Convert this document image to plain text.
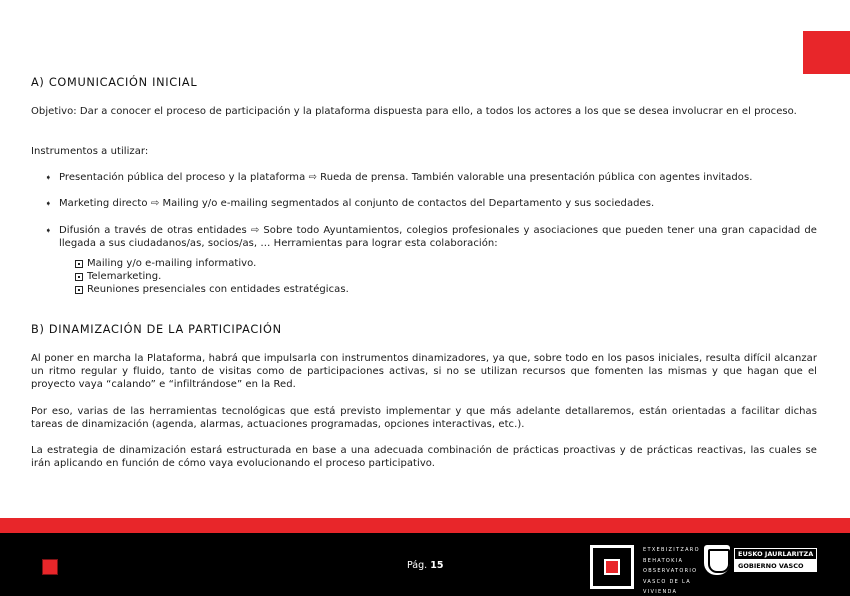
A) COMUNICACIÓN INICIAL
Objetivo: Dar a conocer el proceso de participación y la plataforma dispuesta para ello, a todos los actores a los que se desea involucrar en el proceso.
Instrumentos a utilizar:
➧ Presentación pública del proceso y la plataforma ⇨ Rueda de prensa. También valorable una presentación pública con agentes invitados.
➧ Marketing directo ⇨ Mailing y/o e-mailing segmentados al conjunto de contactos del Departamento y sus sociedades.
➧ Difusión a través de otras entidades ⇨ Sobre todo Ayuntamientos, colegios profesionales y asociaciones que pueden tener una gran capacidad de llegada a sus ciudadanos/as, socios/as, … Herramientas para lograr esta colaboración:
Mailing y/o e-mailing informativo.
Telemarketing.
Reuniones presenciales con entidades estratégicas.
B) DINAMIZACIÓN DE LA PARTICIPACIÓN
Al poner en marcha la Plataforma, habrá que impulsarla con instrumentos dinamizadores, ya que, sobre todo en los pasos iniciales, resulta difícil alcanzar un ritmo regular y fluido, tanto de visitas como de participaciones activas, si no se utilizan recursos que fomenten las mismas y que hagan que el proyecto vaya “calando” e “infiltrándose” en la Red.
Por eso, varias de las herramientas tecnológicas que está previsto implementar y que más adelante detallaremos, están orientadas a facilitar dichas tareas de dinamización (agenda, alarmas, actuaciones programadas, opciones interactivas, etc.).
La estrategia de dinamización estará estructurada en base a una adecuada combinación de prácticas proactivas y de prácticas reactivas, las cuales se irán aplicando en función de cómo vaya evolucionando el proceso participativo.
Pág. 15
ETXEBIZITZARO
BEHATOKIA
OBSERVATORIO
VASCO DE LA
VIVIENDA
EUSKO JAURLARITZA
GOBIERNO VASCO
